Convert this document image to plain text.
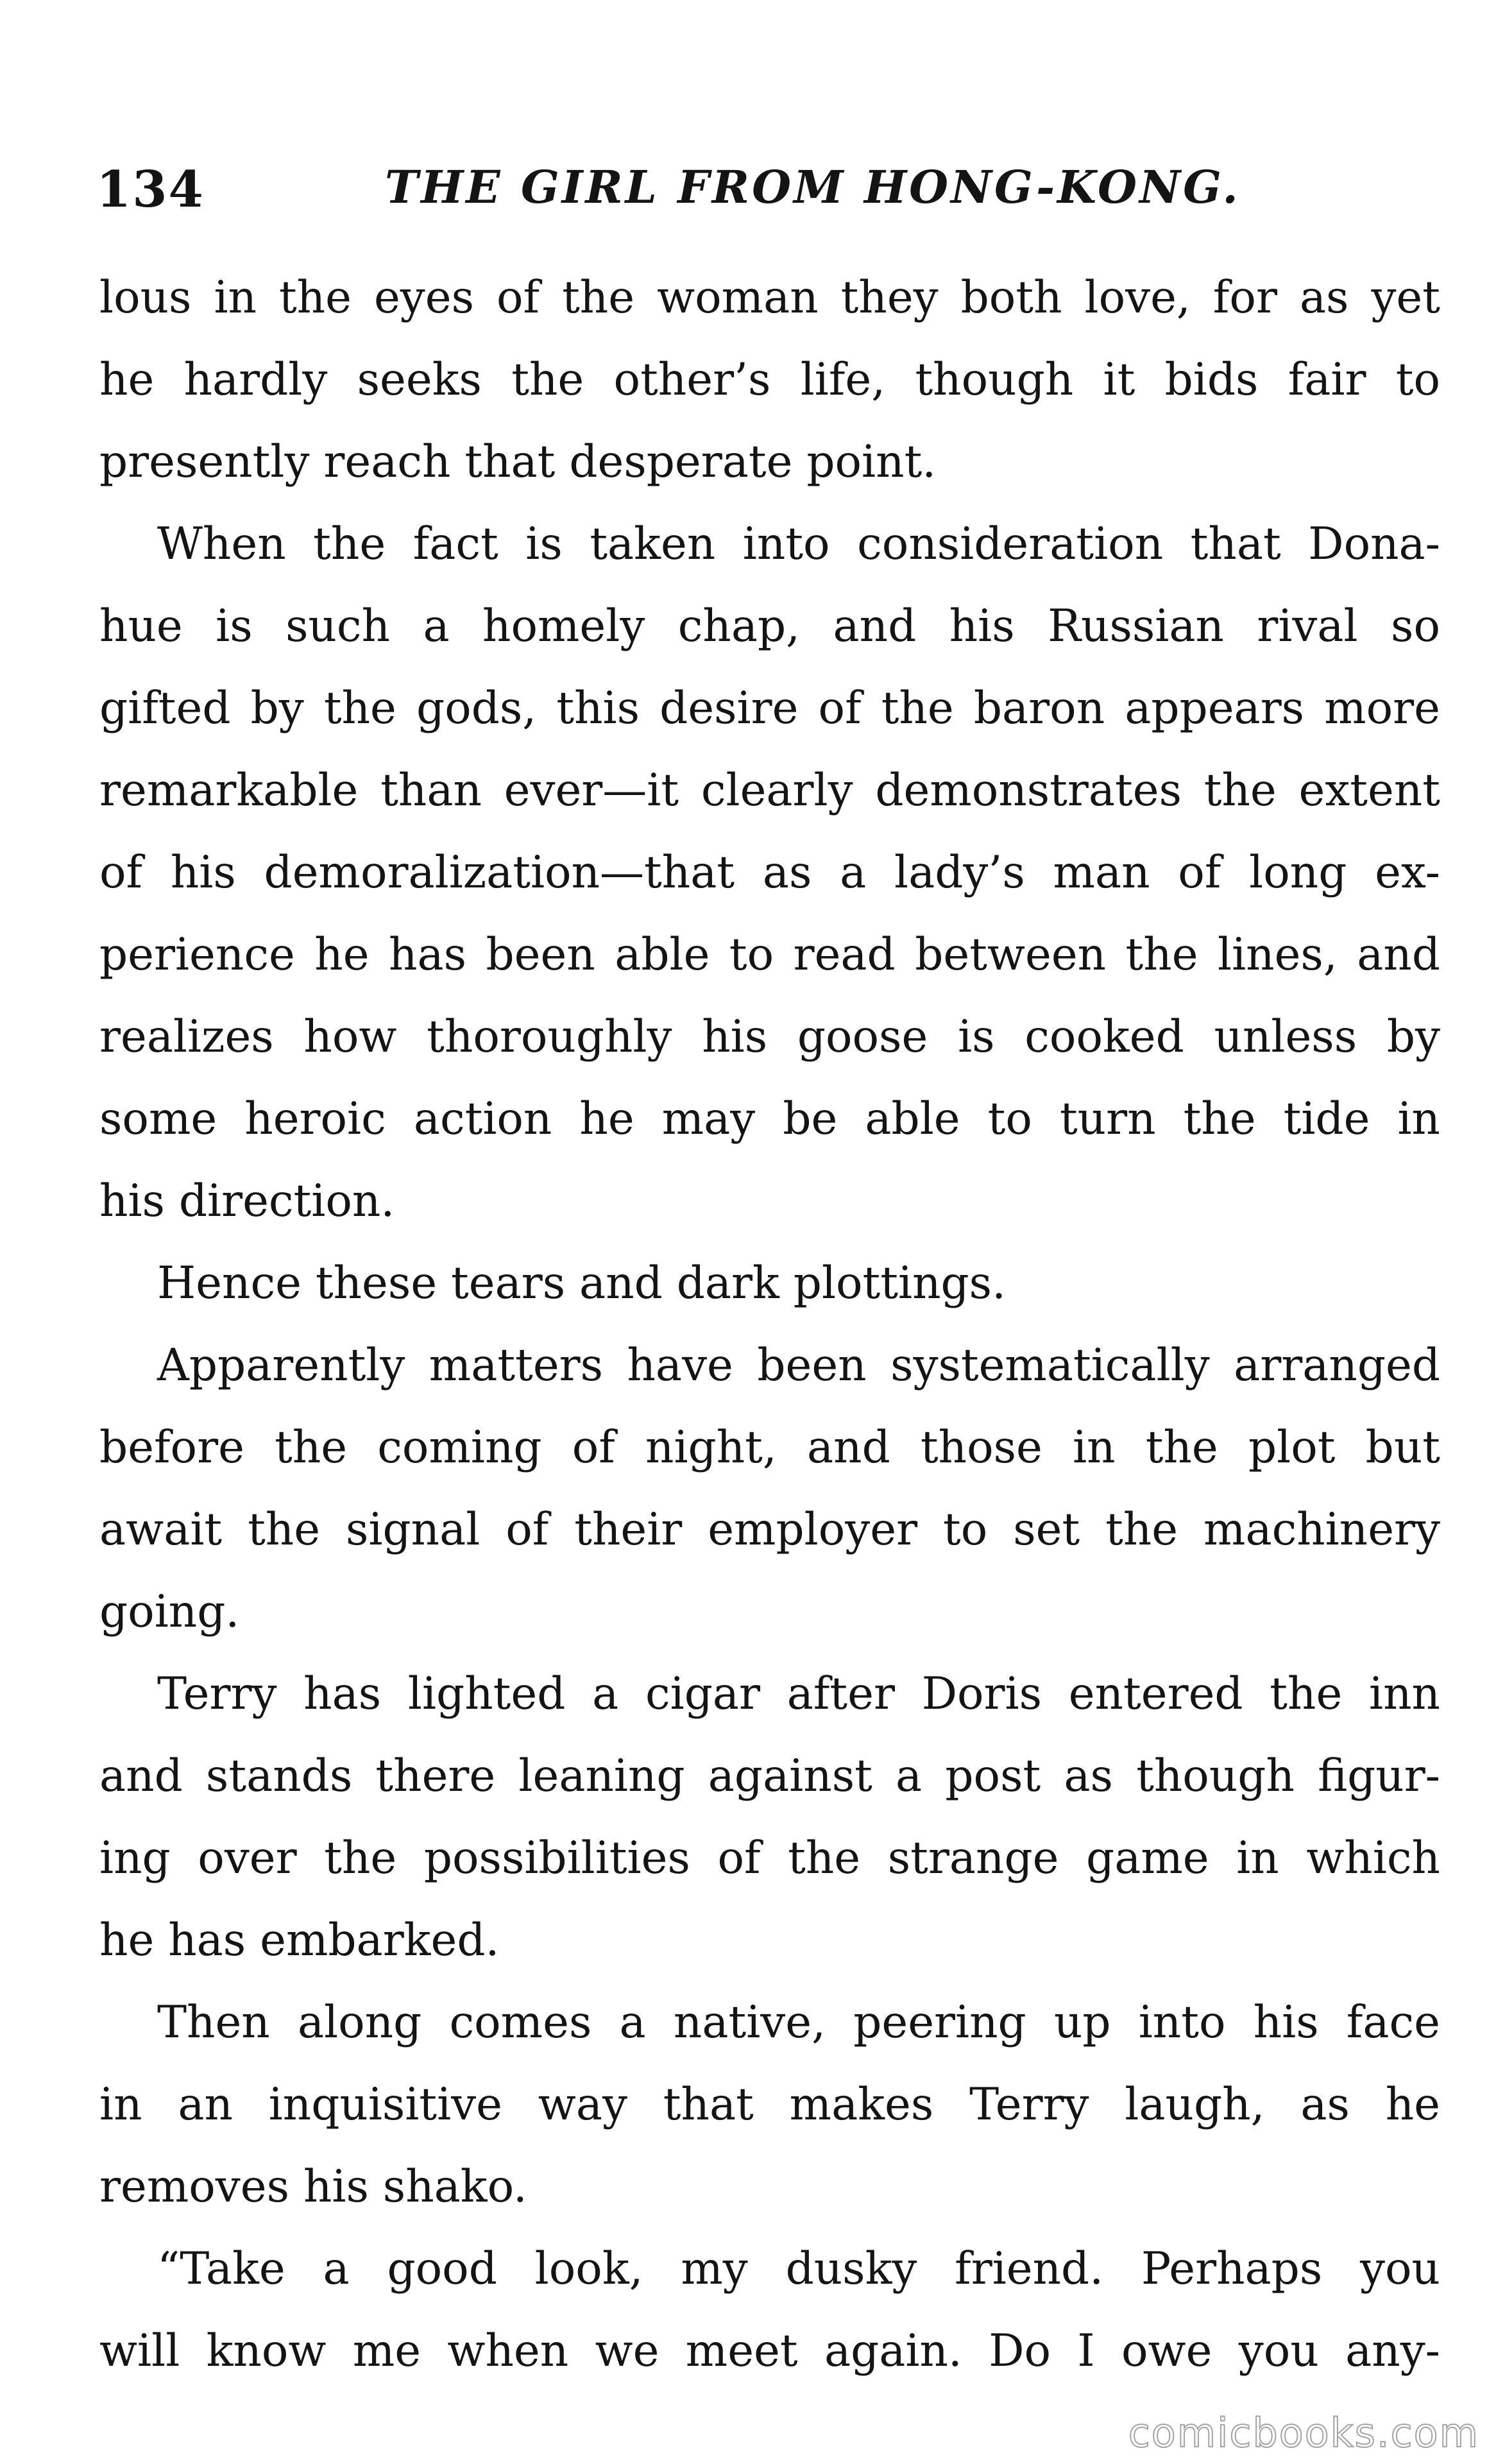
134	THE GIRL FROM HONG-KONG.
lous in the eyes of the woman they both love, for as yet
he hardly seeks the other’s life, though it bids fair to
presently reach that desperate point.
When the fact is taken into consideration that Dona-
hue is such a homely chap, and his Russian rival so
gifted by the gods, this desire of the baron appears more
remarkable than ever—it clearly demonstrates the extent
of his demoralization—that as a lady’s man of long ex-
perience he has been able to read between the lines, and
realizes how thoroughly his goose is cooked unless by
some heroic action he may be able to turn the tide in
his direction.
Hence these tears and dark plottings.
Apparently matters have been systematically arranged
before the coming of night, and those in the plot but
await the signal of their employer to set the machinery
going.
Terry has lighted a cigar after Doris entered the inn
and stands there leaning against a post as though figur-
ing over the possibilities of the strange game in which
he has embarked.
Then along comes a native, peering up into his face
in an inquisitive way that makes Terry laugh, as he
removes his shako.
“Take a good look, my dusky friend. Perhaps you
will know me when we meet again. Do I owe you any-
comicbooks.com
